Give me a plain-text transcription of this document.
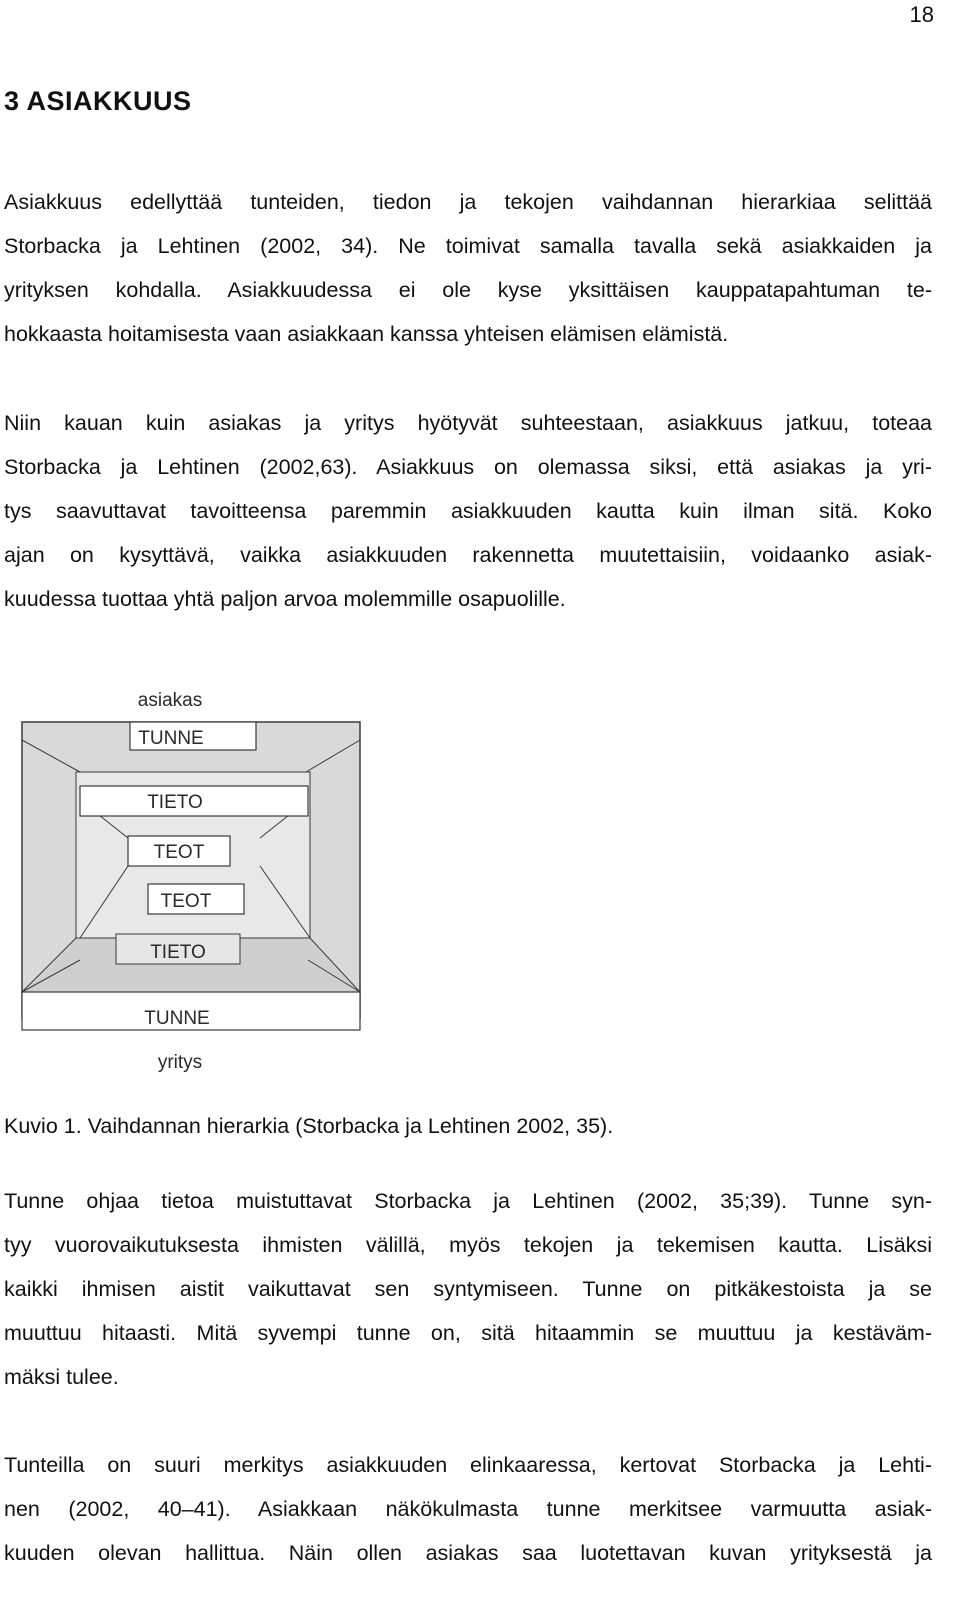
18
3 ASIAKKUUS
Asiakkuus edellyttää tunteiden, tiedon ja tekojen vaihdannan hierarkiaa selittää
Storbacka ja Lehtinen (2002, 34). Ne toimivat samalla tavalla sekä asiakkaiden ja
yrityksen kohdalla. Asiakkuudessa ei ole kyse yksittäisen kauppatapahtuman te-
hokkaasta hoitamisesta vaan asiakkaan kanssa yhteisen elämisen elämistä.
Niin kauan kuin asiakas ja yritys hyötyvät suhteestaan, asiakkuus jatkuu, toteaa
Storbacka ja Lehtinen (2002,63). Asiakkuus on olemassa siksi, että asiakas ja yri-
tys saavuttavat tavoitteensa paremmin asiakkuuden kautta kuin ilman sitä. Koko
ajan on kysyttävä, vaikka asiakkuuden rakennetta muutettaisiin, voidaanko asiak-
kuudessa tuottaa yhtä paljon arvoa molemmille osapuolille.
asiakas
TUNNE
TIETO
TEOT
TEOT
TIETO
TUNNE
yritys

Kuvio 1. Vaihdannan hierarkia (Storbacka ja Lehtinen 2002, 35).

Tunne ohjaa tietoa muistuttavat Storbacka ja Lehtinen (2002, 35;39). Tunne syn-
tyy vuorovaikutuksesta ihmisten välillä, myös tekojen ja tekemisen kautta. Lisäksi
kaikki ihmisen aistit vaikuttavat sen syntymiseen. Tunne on pitkäkestoista ja se
muuttuu hitaasti. Mitä syvempi tunne on, sitä hitaammin se muuttuu ja kestäväm-
mäksi tulee.
Tunteilla on suuri merkitys asiakkuuden elinkaaressa, kertovat Storbacka ja Lehti-
nen (2002, 40–41). Asiakkaan näkökulmasta tunne merkitsee varmuutta asiak-
kuuden olevan hallittua. Näin ollen asiakas saa luotettavan kuvan yrityksestä ja
